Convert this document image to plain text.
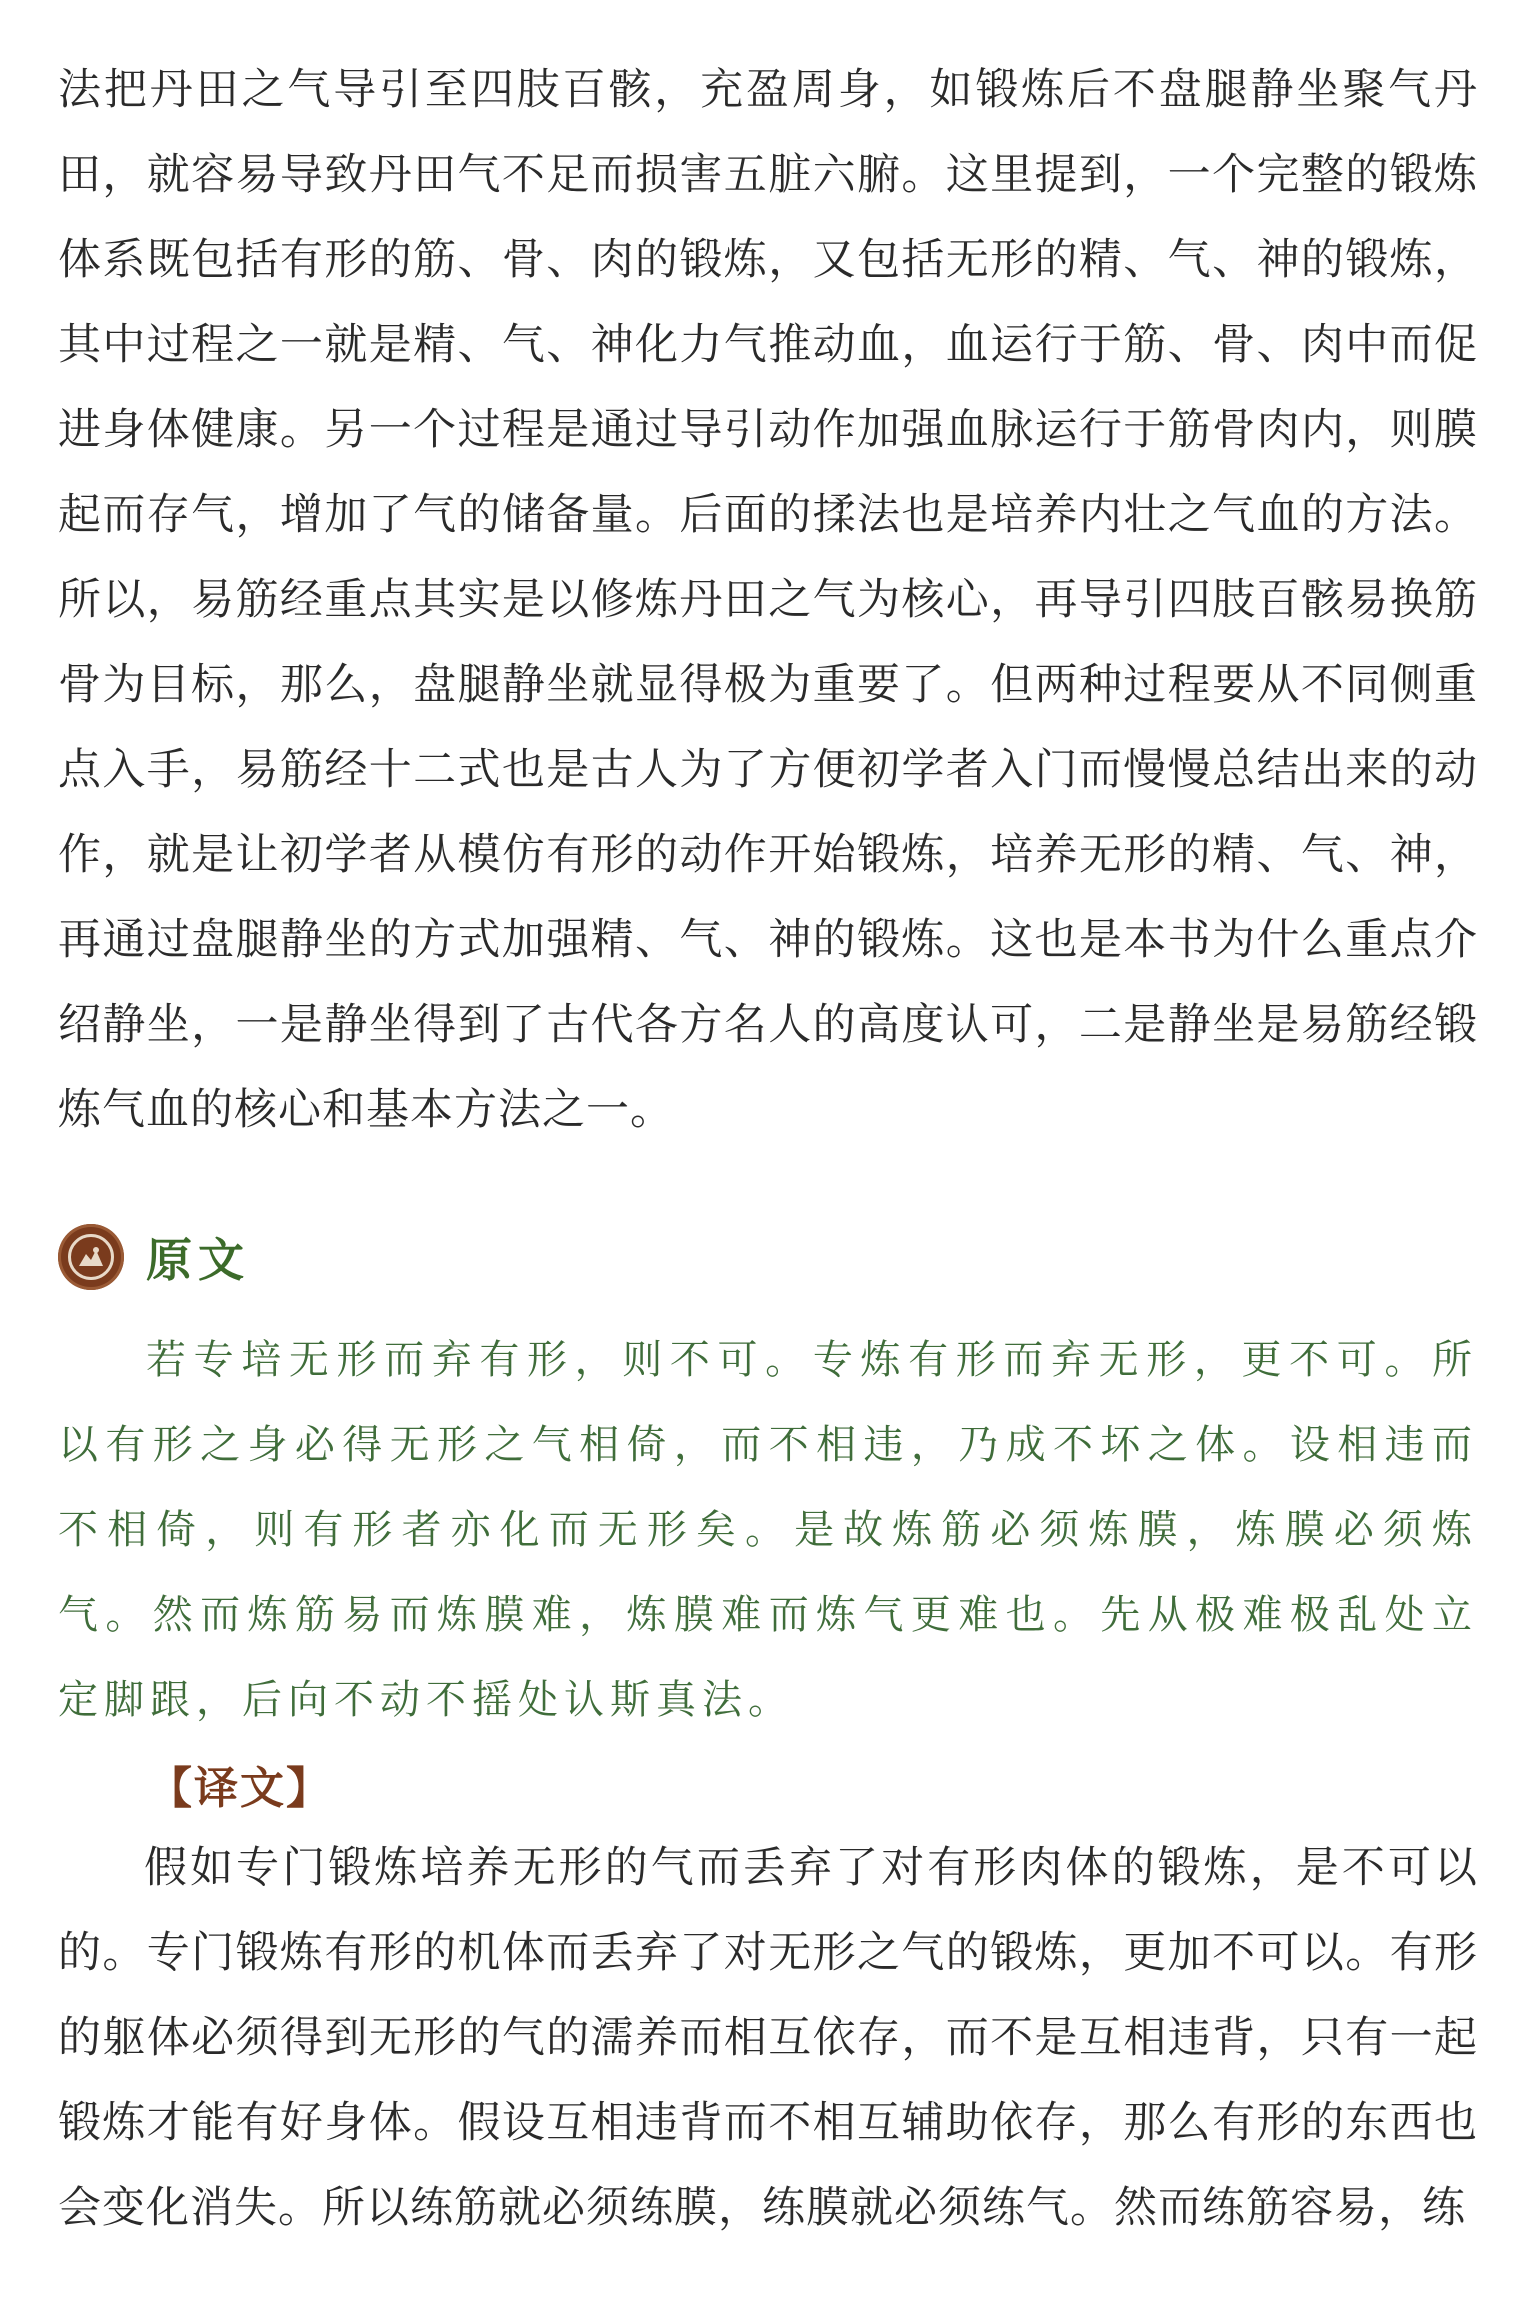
法把丹田之气导引至四肢百骸，充盈周身，如锻炼后不盘腿静坐聚气丹田，就容易导致丹田气不足而损害五脏六腑。这里提到，一个完整的锻炼体系既包括有形的筋、骨、肉的锻炼，又包括无形的精、气、神的锻炼，其中过程之一就是精、气、神化力气推动血，血运行于筋、骨、肉中而促进身体健康。另一个过程是通过导引动作加强血脉运行于筋骨肉内，则膜起而存气，增加了气的储备量。后面的揉法也是培养内壮之气血的方法。所以，易筋经重点其实是以修炼丹田之气为核心，再导引四肢百骸易换筋骨为目标，那么，盘腿静坐就显得极为重要了。但两种过程要从不同侧重点入手，易筋经十二式也是古人为了方便初学者入门而慢慢总结出来的动作，就是让初学者从模仿有形的动作开始锻炼，培养无形的精、气、神，再通过盘腿静坐的方式加强精、气、神的锻炼。这也是本书为什么重点介绍静坐，一是静坐得到了古代各方名人的高度认可，二是静坐是易筋经锻炼气血的核心和基本方法之一。

原文

若专培无形而弃有形，则不可。专炼有形而弃无形，更不可。所以有形之身必得无形之气相倚，而不相违，乃成不坏之体。设相违而不相倚，则有形者亦化而无形矣。是故炼筋必须炼膜，炼膜必须炼气。然而炼筋易而炼膜难，炼膜难而炼气更难也。先从极难极乱处立定脚跟，后向不动不摇处认斯真法。

【译文】

假如专门锻炼培养无形的气而丢弃了对有形肉体的锻炼，是不可以的。专门锻炼有形的机体而丢弃了对无形之气的锻炼，更加不可以。有形的躯体必须得到无形的气的濡养而相互依存，而不是互相违背，只有一起锻炼才能有好身体。假设互相违背而不相互辅助依存，那么有形的东西也会变化消失。所以练筋就必须练膜，练膜就必须练气。然而练筋容易，练
